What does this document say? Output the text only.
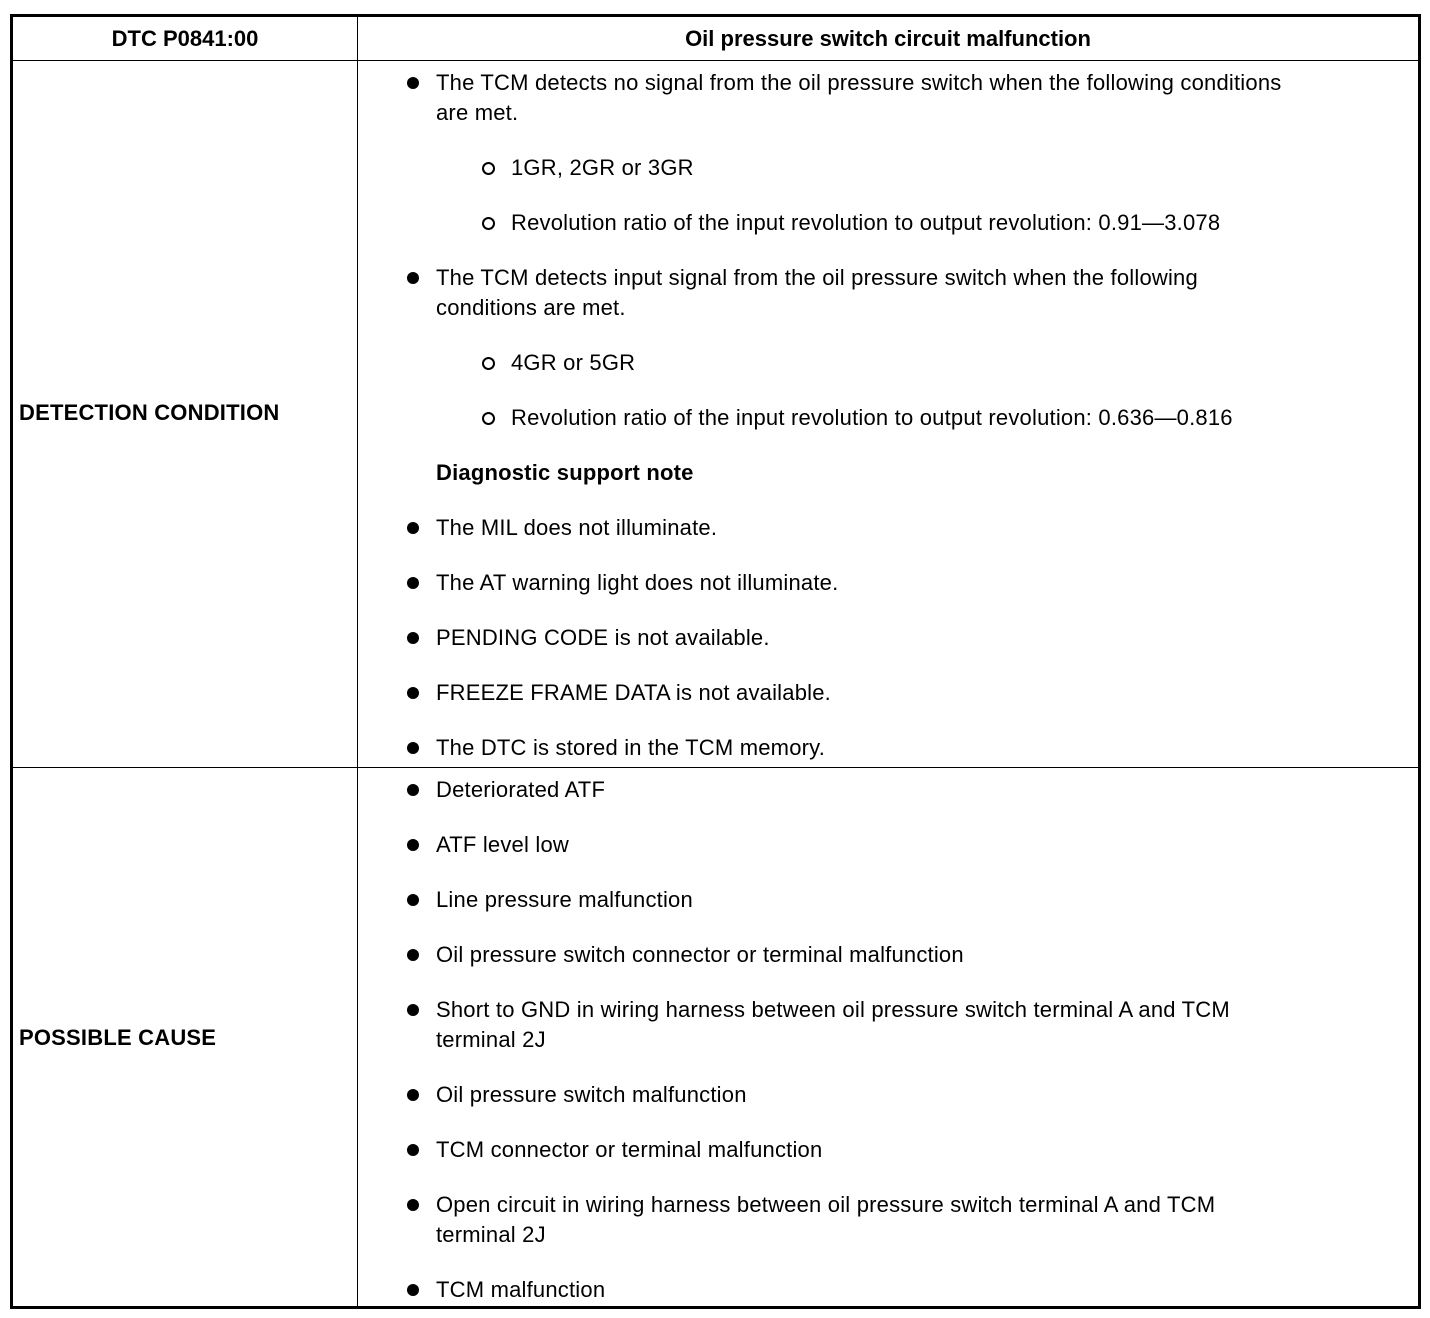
DTC P0841:00	Oil pressure switch circuit malfunction
DETECTION CONDITION
POSSIBLE CAUSE
The TCM detects no signal from the oil pressure switch when the following conditions
are met.
1GR, 2GR or 3GR
Revolution ratio of the input revolution to output revolution: 0.91—3.078
The TCM detects input signal from the oil pressure switch when the following
conditions are met.
4GR or 5GR
Revolution ratio of the input revolution to output revolution: 0.636—0.816
Diagnostic support note
The MIL does not illuminate.
The AT warning light does not illuminate.
PENDING CODE is not available.
FREEZE FRAME DATA is not available.
The DTC is stored in the TCM memory.
Deteriorated ATF
ATF level low
Line pressure malfunction
Oil pressure switch connector or terminal malfunction
Short to GND in wiring harness between oil pressure switch terminal A and TCM
terminal 2J
Oil pressure switch malfunction
TCM connector or terminal malfunction
Open circuit in wiring harness between oil pressure switch terminal A and TCM
terminal 2J
TCM malfunction
